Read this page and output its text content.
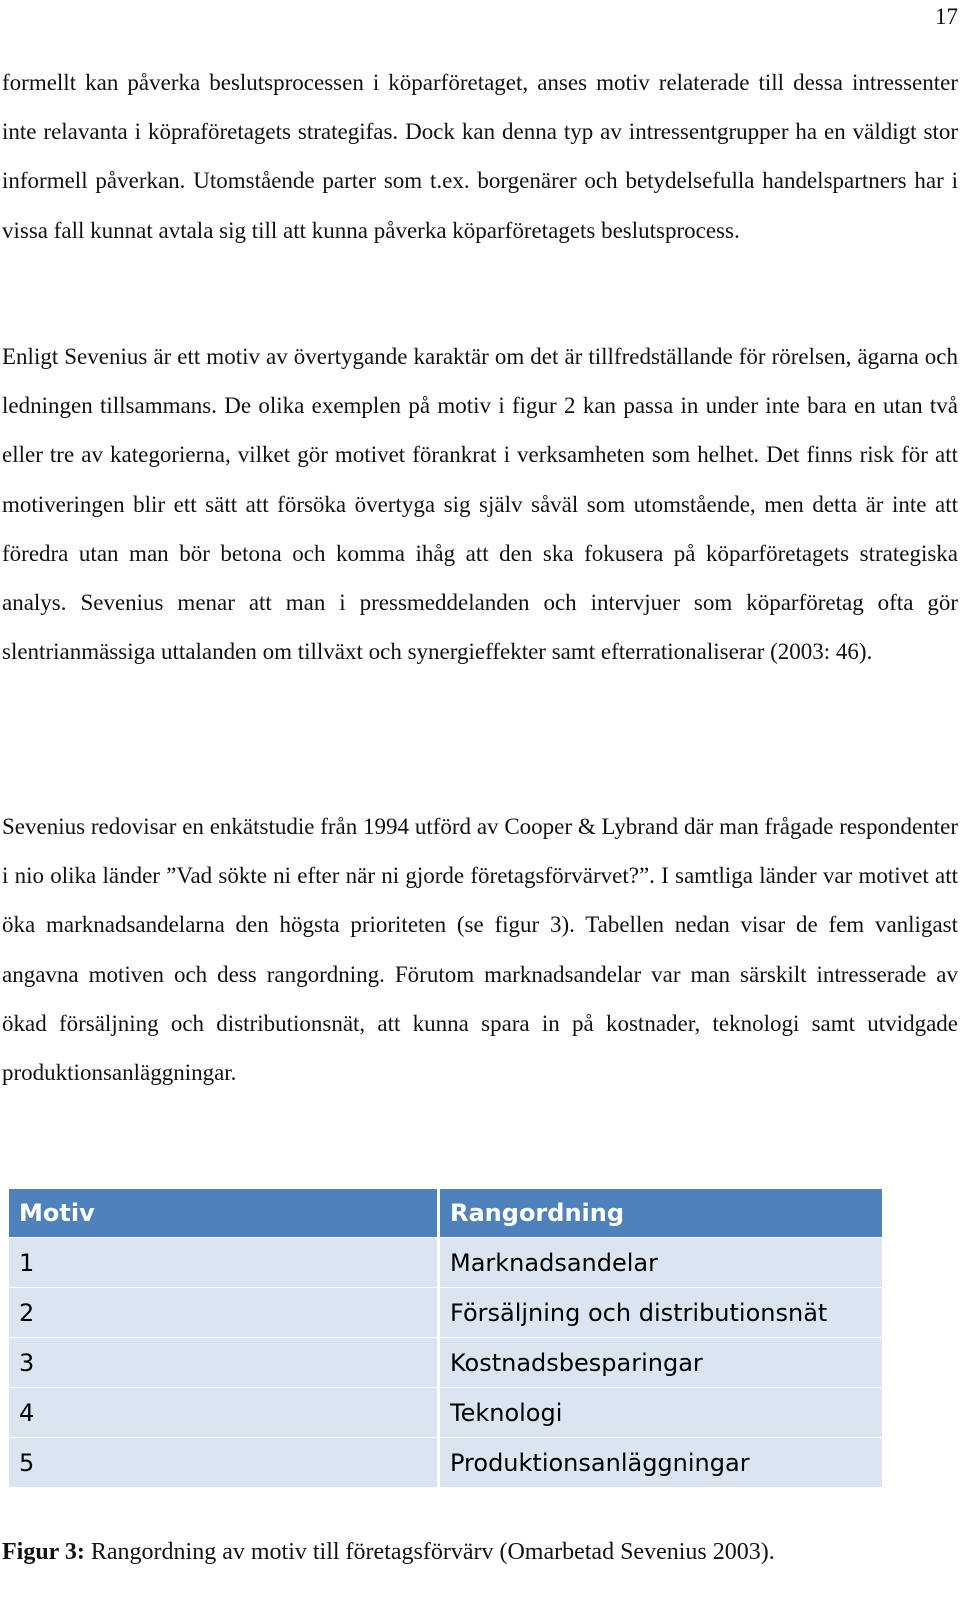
17

formellt kan påverka beslutsprocessen i köparföretaget, anses motiv relaterade till dessa intressenter inte relavanta i köpraföretagets strategifas. Dock kan denna typ av intressentgrupper ha en väldigt stor informell påverkan. Utomstående parter som t.ex. borgenärer och betydelsefulla handelspartners har i vissa fall kunnat avtala sig till att kunna påverka köparföretagets beslutsprocess.

Enligt Sevenius är ett motiv av övertygande karaktär om det är tillfredställande för rörelsen, ägarna och ledningen tillsammans. De olika exemplen på motiv i figur 2 kan passa in under inte bara en utan två eller tre av kategorierna, vilket gör motivet förankrat i verksamheten som helhet. Det finns risk för att motiveringen blir ett sätt att försöka övertyga sig själv såväl som utomstående, men detta är inte att föredra utan man bör betona och komma ihåg att den ska fokusera på köparföretagets strategiska analys. Sevenius menar att man i pressmeddelanden och intervjuer som köparföretag ofta gör slentrianmässiga uttalanden om tillväxt och synergieffekter samt efterrationaliserar (2003: 46).

Sevenius redovisar en enkätstudie från 1994 utförd av Cooper & Lybrand där man frågade respondenter i nio olika länder ”Vad sökte ni efter när ni gjorde företagsförvärvet?”. I samtliga länder var motivet att öka marknadsandelarna den högsta prioriteten (se figur 3). Tabellen nedan visar de fem vanligast angavna motiven och dess rangordning. Förutom marknadsandelar var man särskilt intresserade av ökad försäljning och distributionsnät, att kunna spara in på kostnader, teknologi samt utvidgade produktionsanläggningar.

Motiv	Rangordning
1	Marknadsandelar
2	Försäljning och distributionsnät
3	Kostnadsbesparingar
4	Teknologi
5	Produktionsanläggningar

Figur 3: Rangordning av motiv till företagsförvärv (Omarbetad Sevenius 2003).
